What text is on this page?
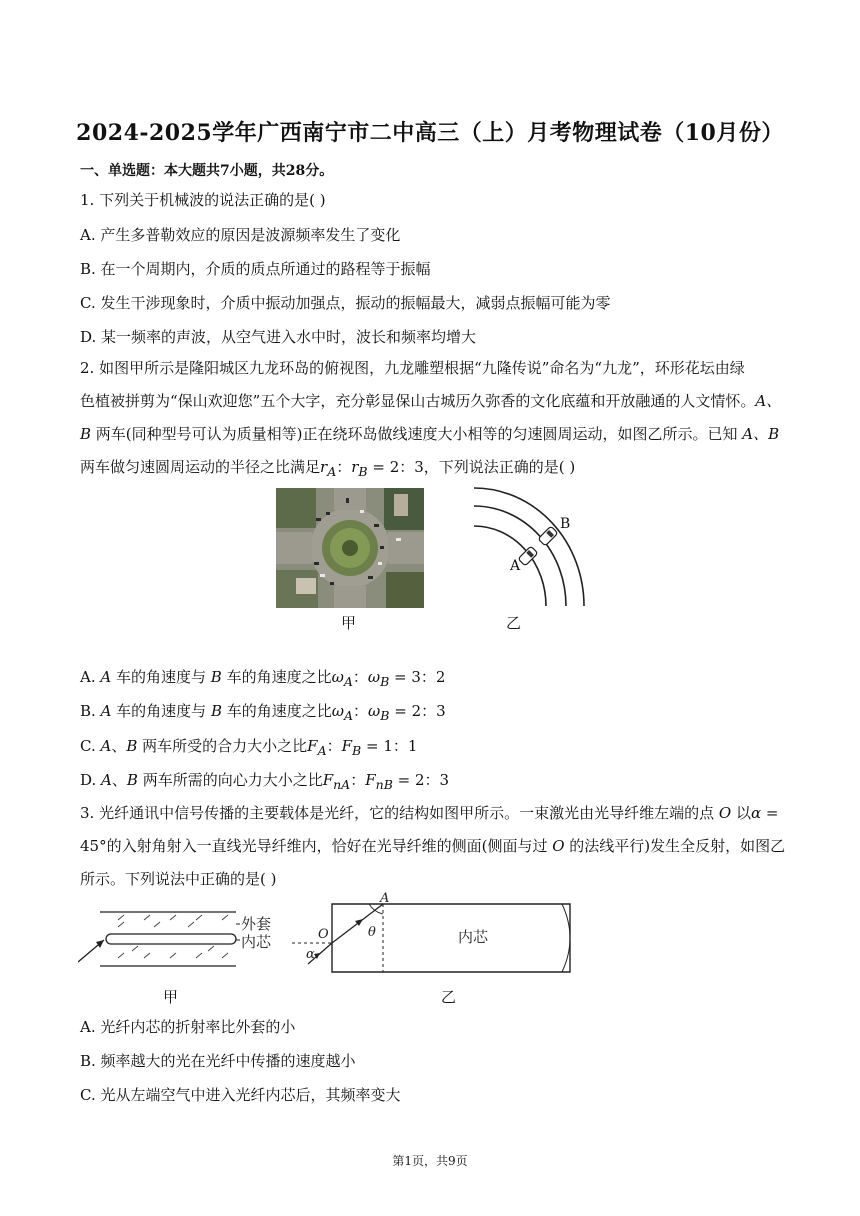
2024-2025学年广西南宁市二中高三（上）月考物理试卷（10月份）
一、单选题：本大题共7小题，共28分。
1. 下列关于机械波的说法正确的是( )
A. 产生多普勒效应的原因是波源频率发生了变化
B. 在一个周期内，介质的质点所通过的路程等于振幅
C. 发生干涉现象时，介质中振动加强点，振动的振幅最大，减弱点振幅可能为零
D. 某一频率的声波，从空气进入水中时，波长和频率均增大
2. 如图甲所示是隆阳城区九龙环岛的俯视图，九龙雕塑根据“九隆传说”命名为“九龙”，环形花坛由绿
色植被拼剪为“保山欢迎您”五个大字，充分彰显保山古城历久弥香的文化底蕴和开放融通的人文情怀。A、
B 两车(同种型号可认为质量相等)正在绕环岛做线速度大小相等的匀速圆周运动，如图乙所示。已知 A、B
两车做匀速圆周运动的半径之比满足$r_A$：$r_B = 2$：3，下列说法正确的是( )
甲
A
B
乙
A. A 车的角速度与 B 车的角速度之比$\omega_A$：$\omega_B = 3$：2
B. A 车的角速度与 B 车的角速度之比$\omega_A$：$\omega_B = 2$：3
C. A、B 两车所受的合力大小之比$F_A$：$F_B = 1$：1
D. A、B 两车所需的向心力大小之比$F_{nA}$：$F_{nB} = 2$：3
3. 光纤通讯中信号传播的主要载体是光纤，它的结构如图甲所示。一束激光由光导纤维左端的点 O 以α =
45°的入射角射入一直线光导纤维内，恰好在光导纤维的侧面(侧面与过 O 的法线平行)发生全反射，如图乙
所示。下列说法中正确的是( )
外套
内芯
甲
A
O
α
θ	内芯
乙
A. 光纤内芯的折射率比外套的小
B. 频率越大的光在光纤中传播的速度越小
C. 光从左端空气中进入光纤内芯后，其频率变大
第1页，共9页
